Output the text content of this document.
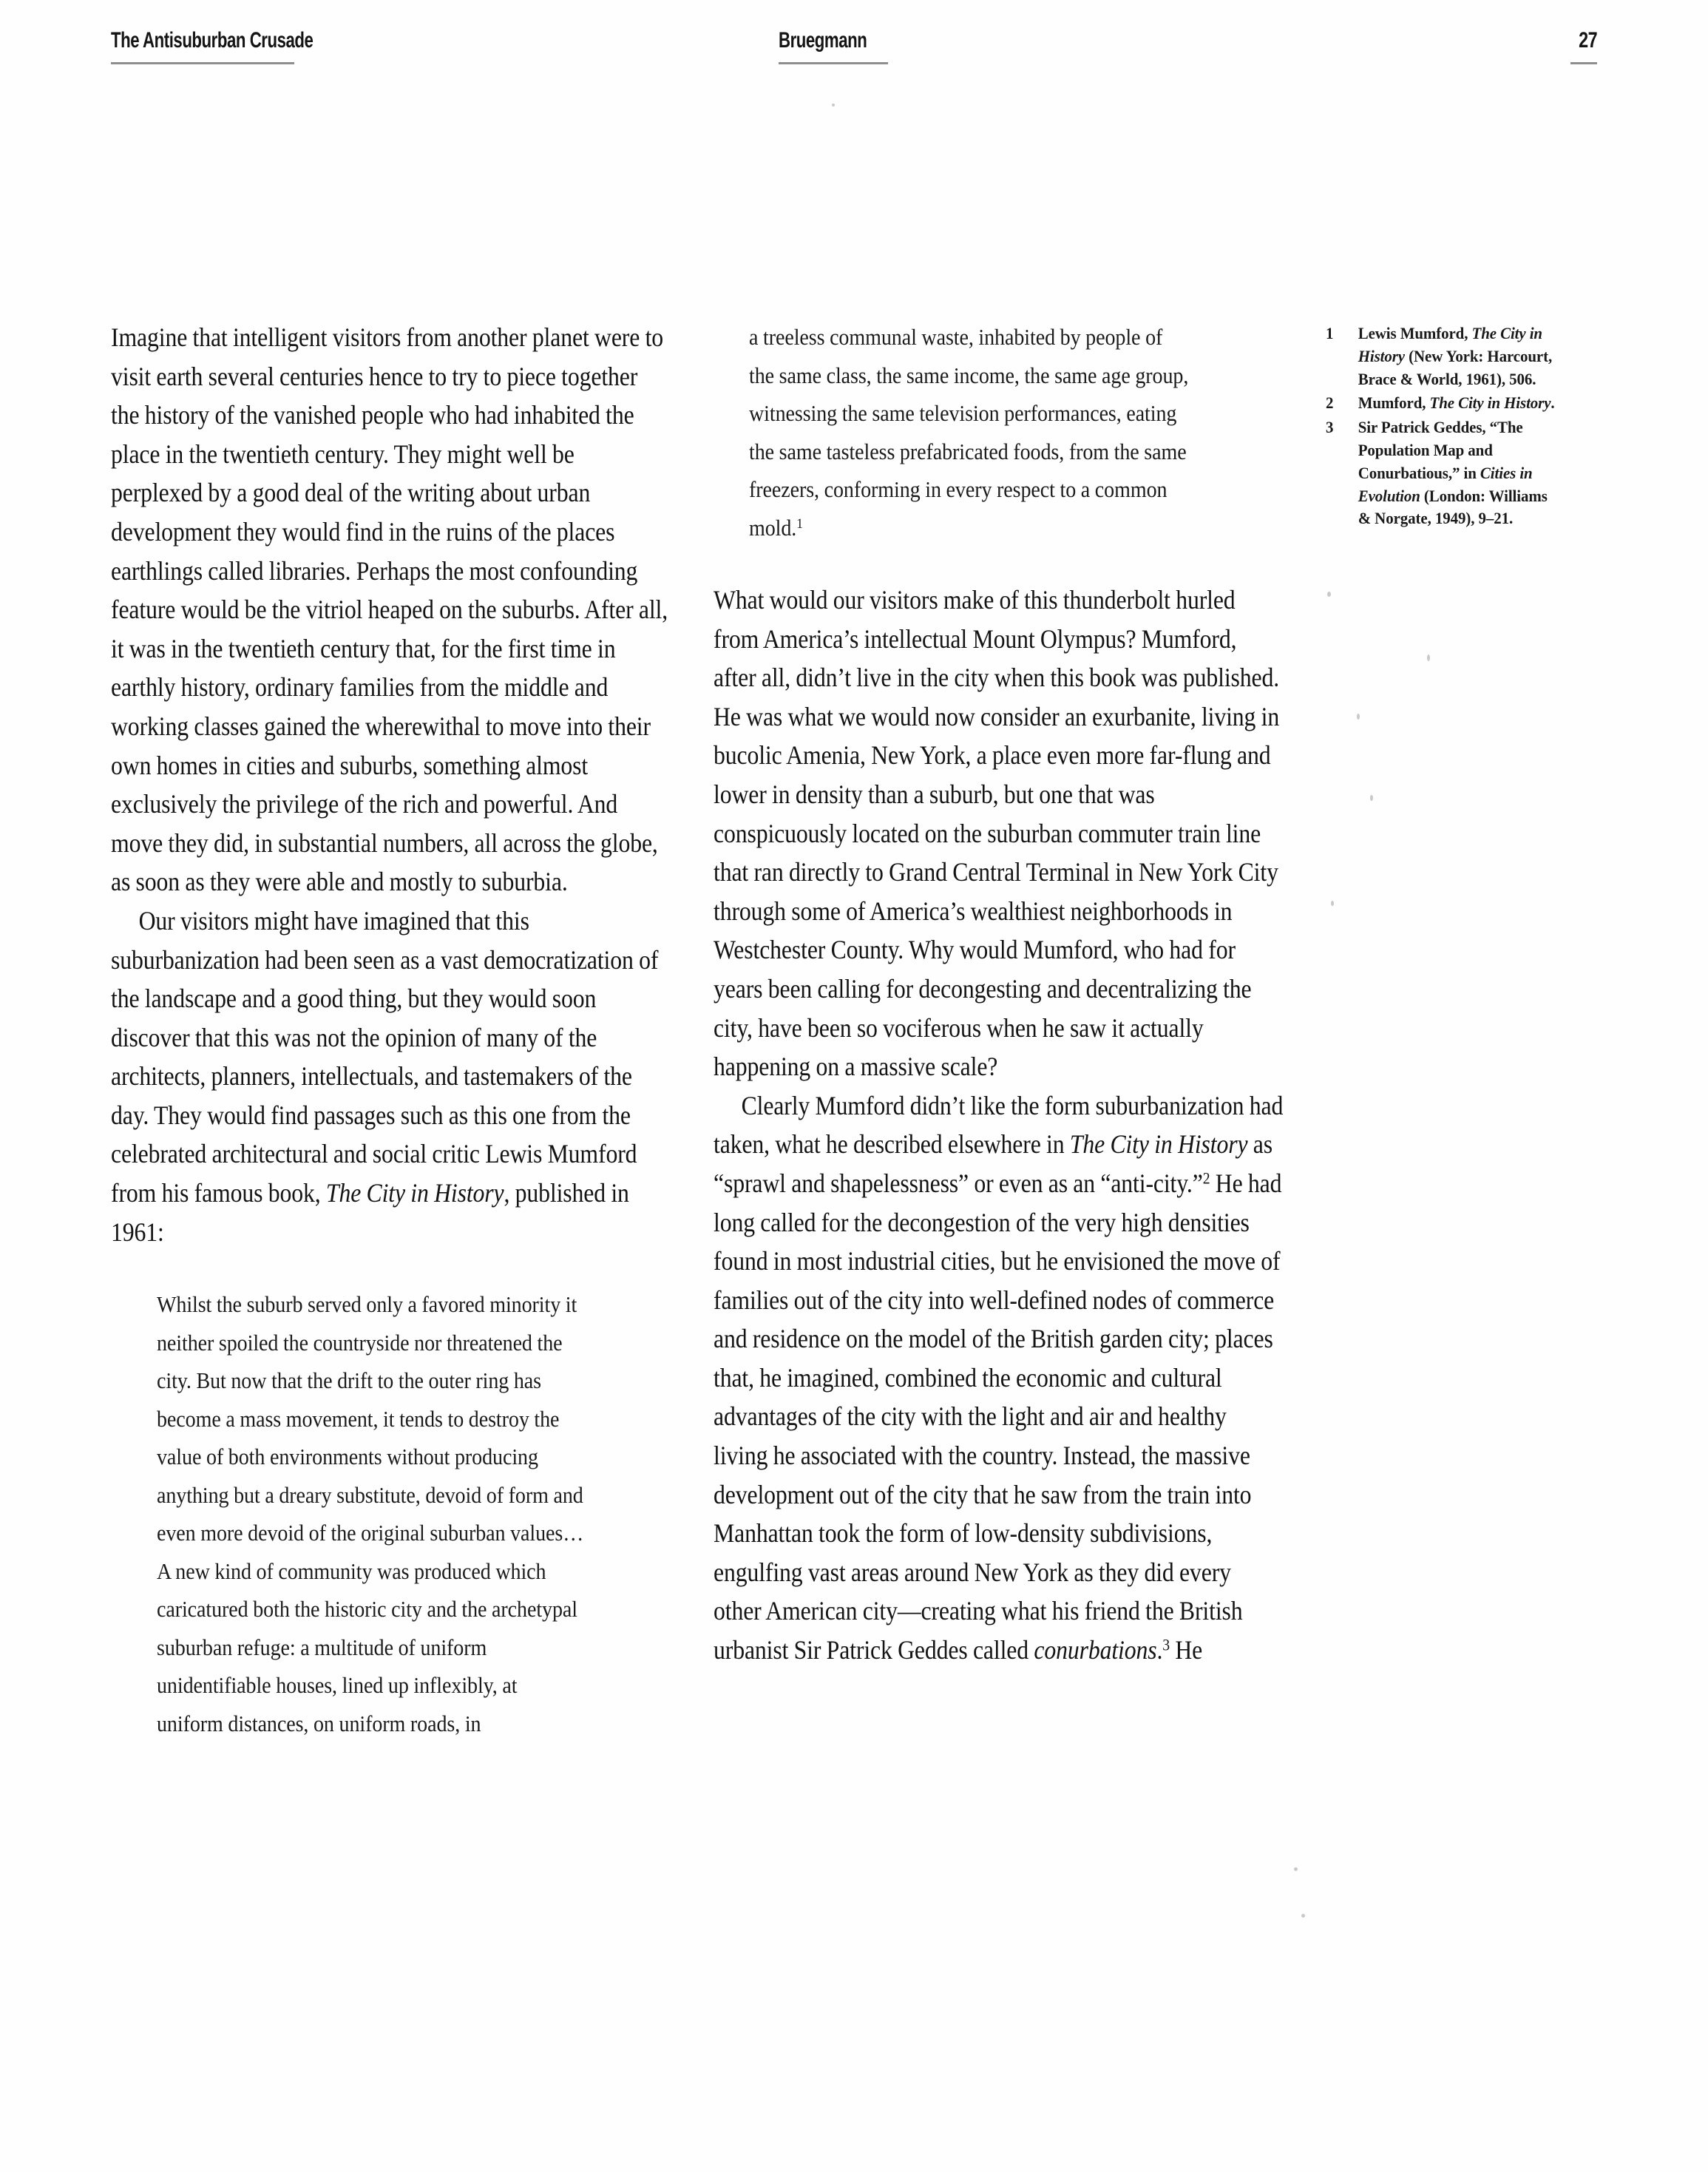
The Antisuburban Crusade	Bruegmann	27

Imagine that intelligent visitors from another planet were to visit earth several centuries hence to try to piece together the history of the vanished people who had inhabited the place in the twentieth century. They might well be perplexed by a good deal of the writing about urban development they would find in the ruins of the places earthlings called libraries. Perhaps the most confounding feature would be the vitriol heaped on the suburbs. After all, it was in the twentieth century that, for the first time in earthly history, ordinary families from the middle and working classes gained the wherewithal to move into their own homes in cities and suburbs, something almost exclusively the privilege of the rich and powerful. And move they did, in substantial numbers, all across the globe, as soon as they were able and mostly to suburbia.

Our visitors might have imagined that this suburbanization had been seen as a vast democratization of the landscape and a good thing, but they would soon discover that this was not the opinion of many of the architects, planners, intellectuals, and tastemakers of the day. They would find passages such as this one from the celebrated architectural and social critic Lewis Mumford from his famous book, The City in History, published in 1961:

Whilst the suburb served only a favored minority it neither spoiled the countryside nor threatened the city. But now that the drift to the outer ring has become a mass movement, it tends to destroy the value of both environments without producing anything but a dreary substitute, devoid of form and even more devoid of the original suburban values…A new kind of community was produced which caricatured both the historic city and the archetypal suburban refuge: a multitude of uniform unidentifiable houses, lined up inflexibly, at uniform distances, on uniform roads, in

a treeless communal waste, inhabited by people of the same class, the same income, the same age group, witnessing the same television performances, eating the same tasteless prefabricated foods, from the same freezers, conforming in every respect to a common mold.$^1$

What would our visitors make of this thunderbolt hurled from America’s intellectual Mount Olympus? Mumford, after all, didn’t live in the city when this book was published. He was what we would now consider an exurbanite, living in bucolic Amenia, New York, a place even more far-flung and lower in density than a suburb, but one that was conspicuously located on the suburban commuter train line that ran directly to Grand Central Terminal in New York City through some of America’s wealthiest neighborhoods in Westchester County. Why would Mumford, who had for years been calling for decongesting and decentralizing the city, have been so vociferous when he saw it actually happening on a massive scale?

Clearly Mumford didn’t like the form suburbanization had taken, what he described elsewhere in The City in History as “sprawl and shapelessness” or even as an “anti-city.”$^2$ He had long called for the decongestion of the very high densities found in most industrial cities, but he envisioned the move of families out of the city into well-defined nodes of commerce and residence on the model of the British garden city; places that, he imagined, combined the economic and cultural advantages of the city with the light and air and healthy living he associated with the country. Instead, the massive development out of the city that he saw from the train into Manhattan took the form of low-density subdivisions, engulfing vast areas around New York as they did every other American city—creating what his friend the British urbanist Sir Patrick Geddes called conurbations.$^3$ He

1	Lewis Mumford, The City in History (New York: Harcourt, Brace & World, 1961), 506.
2	Mumford, The City in History.
3	Sir Patrick Geddes, “The Population Map and Conurbatious,” in Cities in Evolution (London: Williams & Norgate, 1949), 9–21.
